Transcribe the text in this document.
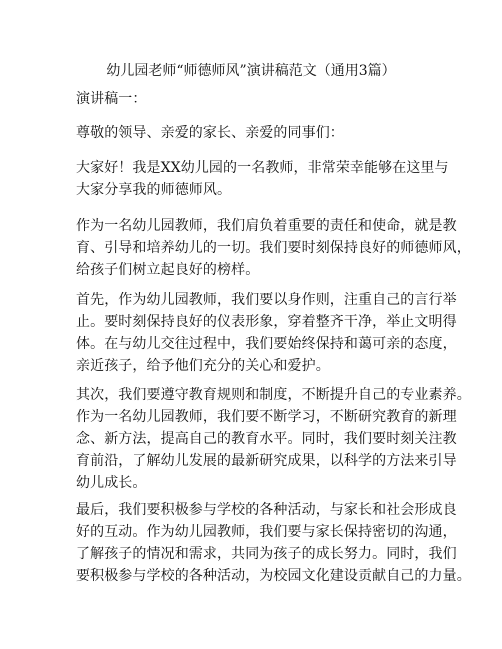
幼儿园老师“师德师风”演讲稿范文（通用3篇）

演讲稿一：

尊敬的领导、亲爱的家长、亲爱的同事们：

大家好！我是XX幼儿园的一名教师，非常荣幸能够在这里与
大家分享我的师德师风。

作为一名幼儿园教师，我们肩负着重要的责任和使命，就是教
育、引导和培养幼儿的一切。我们要时刻保持良好的师德师风，
给孩子们树立起良好的榜样。

首先，作为幼儿园教师，我们要以身作则，注重自己的言行举
止。要时刻保持良好的仪表形象，穿着整齐干净，举止文明得
体。在与幼儿交往过程中，我们要始终保持和蔼可亲的态度，
亲近孩子，给予他们充分的关心和爱护。

其次，我们要遵守教育规则和制度，不断提升自己的专业素养。
作为一名幼儿园教师，我们要不断学习，不断研究教育的新理
念、新方法，提高自己的教育水平。同时，我们要时刻关注教
育前沿，了解幼儿发展的最新研究成果，以科学的方法来引导
幼儿成长。

最后，我们要积极参与学校的各种活动，与家长和社会形成良
好的互动。作为幼儿园教师，我们要与家长保持密切的沟通，
了解孩子的情况和需求，共同为孩子的成长努力。同时，我们
要积极参与学校的各种活动，为校园文化建设贡献自己的力量。
